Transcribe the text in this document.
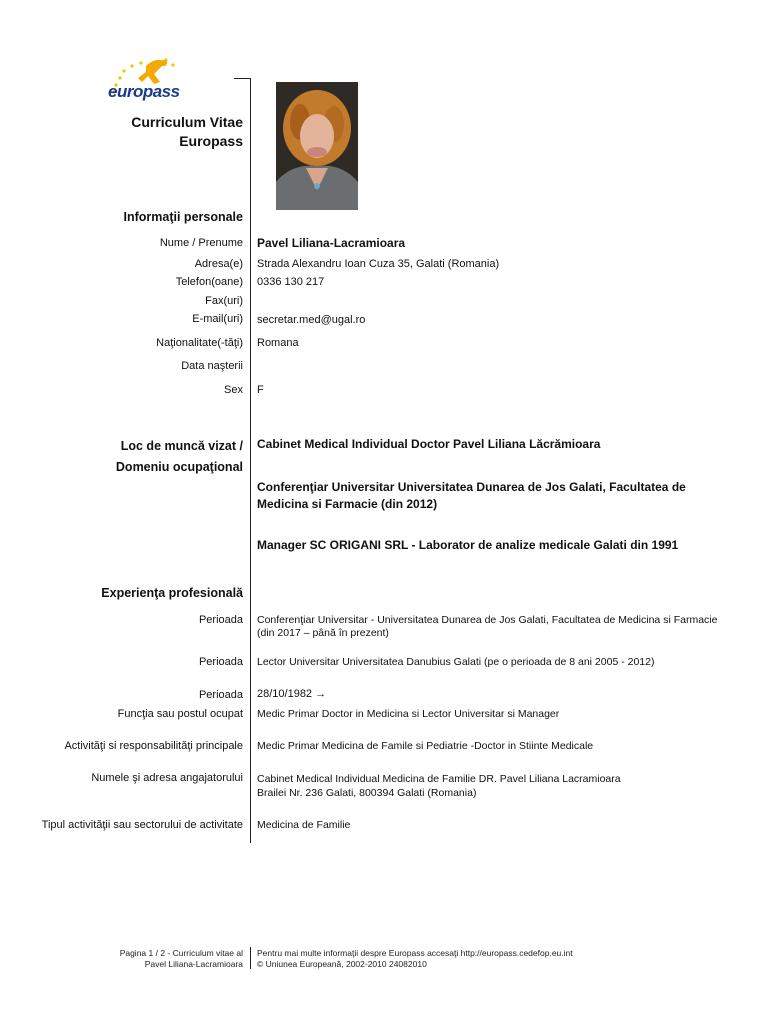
europass
Curriculum Vitae
Europass
Informaţii personale
Nume / Prenume Pavel Liliana-Lacramioara
Adresa(e) Strada Alexandru Ioan Cuza 35, Galati (Romania)
Telefon(oane) 0336 130 217
Fax(uri)
E-mail(uri) secretar.med@ugal.ro
Naţionalitate(-tăţi) Romana
Data naşterii
Sex F
Loc de muncă vizat /
Domeniu ocupaţional
Cabinet Medical Individual Doctor Pavel Liliana Lăcrămioara
Conferenţiar Universitar Universitatea Dunarea de Jos Galati, Facultatea de
Medicina si Farmacie (din 2012)
Manager SC ORIGANI SRL - Laborator de analize medicale Galati din 1991
Experienţa profesională
Perioada Conferenţiar Universitar - Universitatea Dunarea de Jos Galati, Facultatea de Medicina si Farmacie
(din 2017 – până în prezent)
Perioada Lector Universitar Universitatea Danubius Galati (pe o perioada de 8 ani 2005 - 2012)
Perioada 28/10/1982 →
Funcţia sau postul ocupat Medic Primar Doctor in Medicina si Lector Universitar si Manager
Activităţi si responsabilităţi principale Medic Primar Medicina de Famile si Pediatrie -Doctor in Stiinte Medicale
Numele şi adresa angajatorului Cabinet Medical Individual Medicina de Familie DR. Pavel Liliana Lacramioara
Brailei Nr. 236 Galati, 800394 Galati (Romania)
Tipul activităţii sau sectorului de activitate Medicina de Familie
Pagina 1 / 2 - Curriculum vitae al
Pavel Liliana-Lacramioara
Pentru mai multe informaţii despre Europass accesaţi http://europass.cedefop.eu.int
© Uniunea Europeană, 2002-2010 24082010
